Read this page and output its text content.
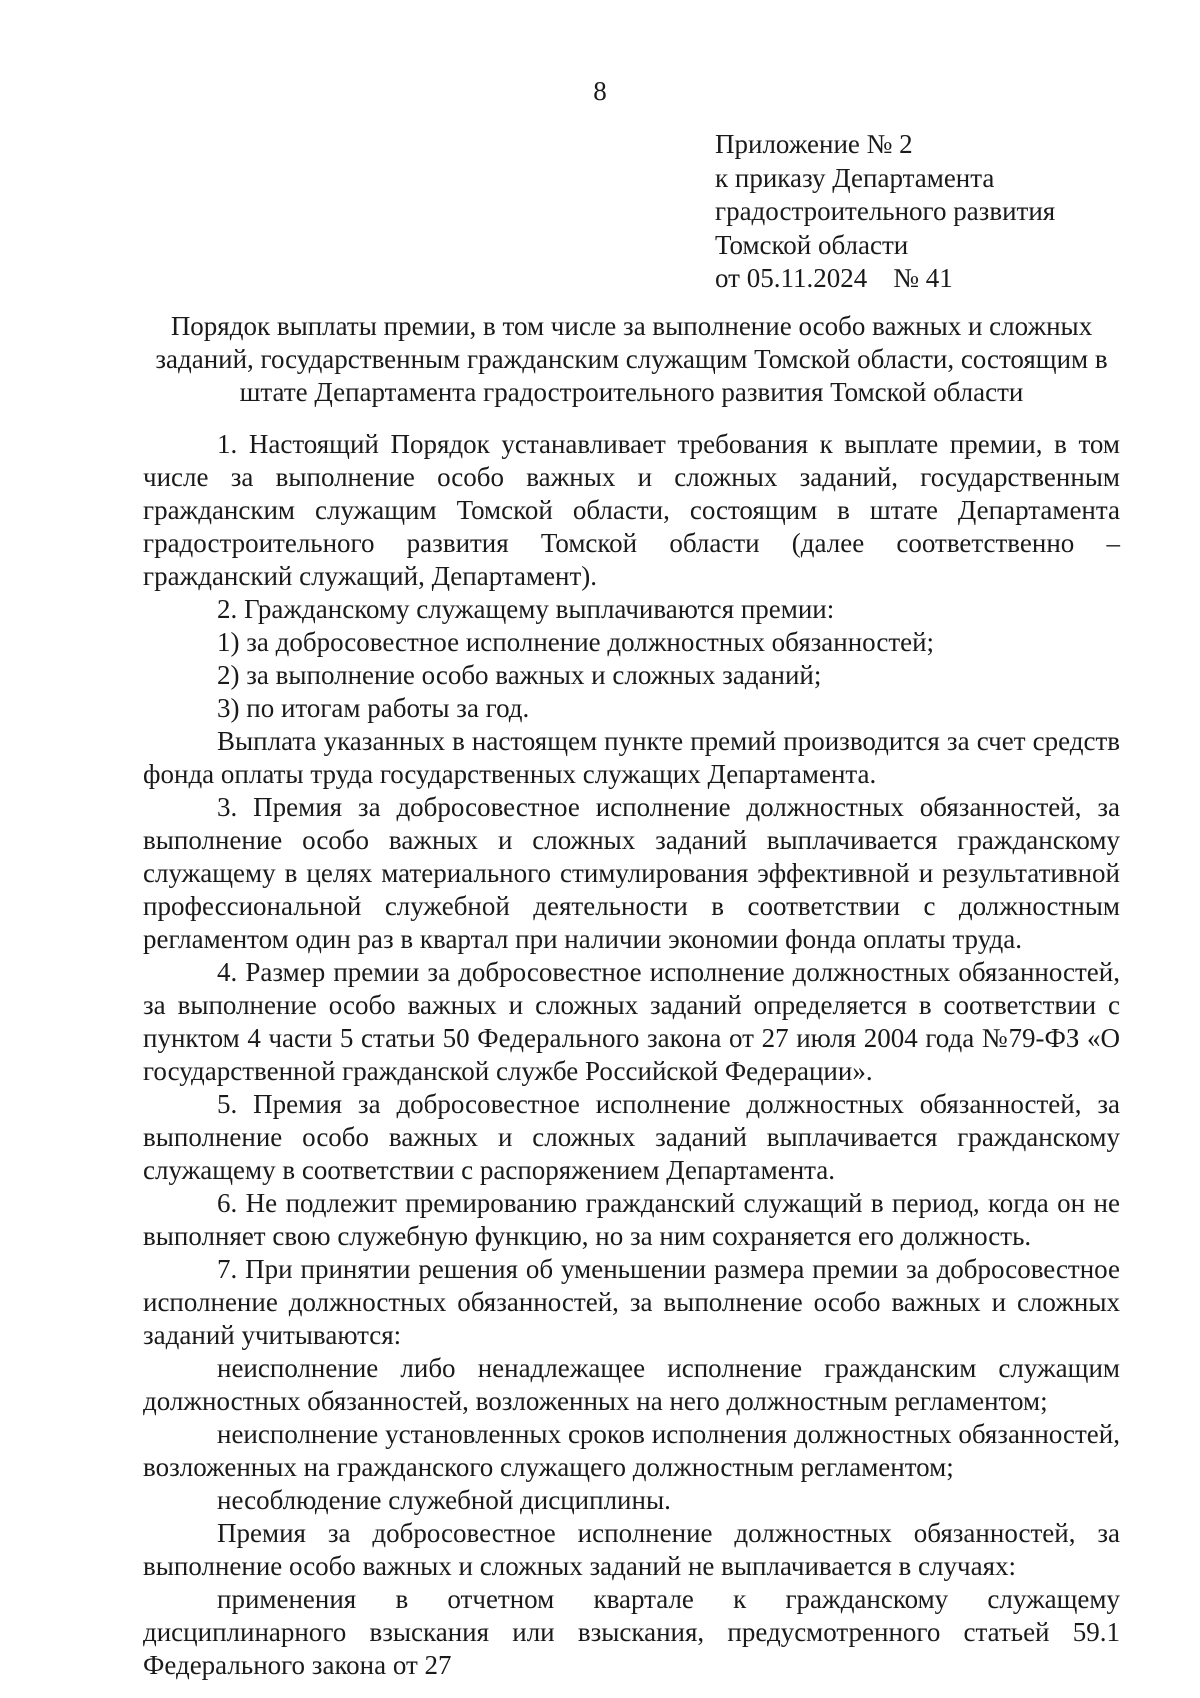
8
Приложение № 2
к приказу Департамента
градостроительного развития
Томской области
от 05.11.2024 № 41
Порядок выплаты премии, в том числе за выполнение особо важных и сложных заданий, государственным гражданским служащим Томской области, состоящим в штате Департамента градостроительного развития Томской области

1. Настоящий Порядок устанавливает требования к выплате премии, в том числе за выполнение особо важных и сложных заданий, государственным гражданским служащим Томской области, состоящим в штате Департамента градостроительного развития Томской области (далее соответственно – гражданский служащий, Департамент).

2. Гражданскому служащему выплачиваются премии:

1) за добросовестное исполнение должностных обязанностей;

2) за выполнение особо важных и сложных заданий;

3) по итогам работы за год.

Выплата указанных в настоящем пункте премий производится за счет средств фонда оплаты труда государственных служащих Департамента.

3. Премия за добросовестное исполнение должностных обязанностей, за выполнение особо важных и сложных заданий выплачивается гражданскому служащему в целях материального стимулирования эффективной и результативной профессиональной служебной деятельности в соответствии с должностным регламентом один раз в квартал при наличии экономии фонда оплаты труда.

4. Размер премии за добросовестное исполнение должностных обязанностей, за выполнение особо важных и сложных заданий определяется в соответствии с пунктом 4 части 5 статьи 50 Федерального закона от 27 июля 2004 года №79-ФЗ «О государственной гражданской службе Российской Федерации».

5. Премия за добросовестное исполнение должностных обязанностей, за выполнение особо важных и сложных заданий выплачивается гражданскому служащему в соответствии с распоряжением Департамента.

6. Не подлежит премированию гражданский служащий в период, когда он не выполняет свою служебную функцию, но за ним сохраняется его должность.

7. При принятии решения об уменьшении размера премии за добросовестное исполнение должностных обязанностей, за выполнение особо важных и сложных заданий учитываются:

неисполнение либо ненадлежащее исполнение гражданским служащим должностных обязанностей, возложенных на него должностным регламентом;

неисполнение установленных сроков исполнения должностных обязанностей, возложенных на гражданского служащего должностным регламентом;

несоблюдение служебной дисциплины.

Премия за добросовестное исполнение должностных обязанностей, за выполнение особо важных и сложных заданий не выплачивается в случаях:

применения в отчетном квартале к гражданскому служащему дисциплинарного взыскания или взыскания, предусмотренного статьей 59.1 Федерального закона от 27
